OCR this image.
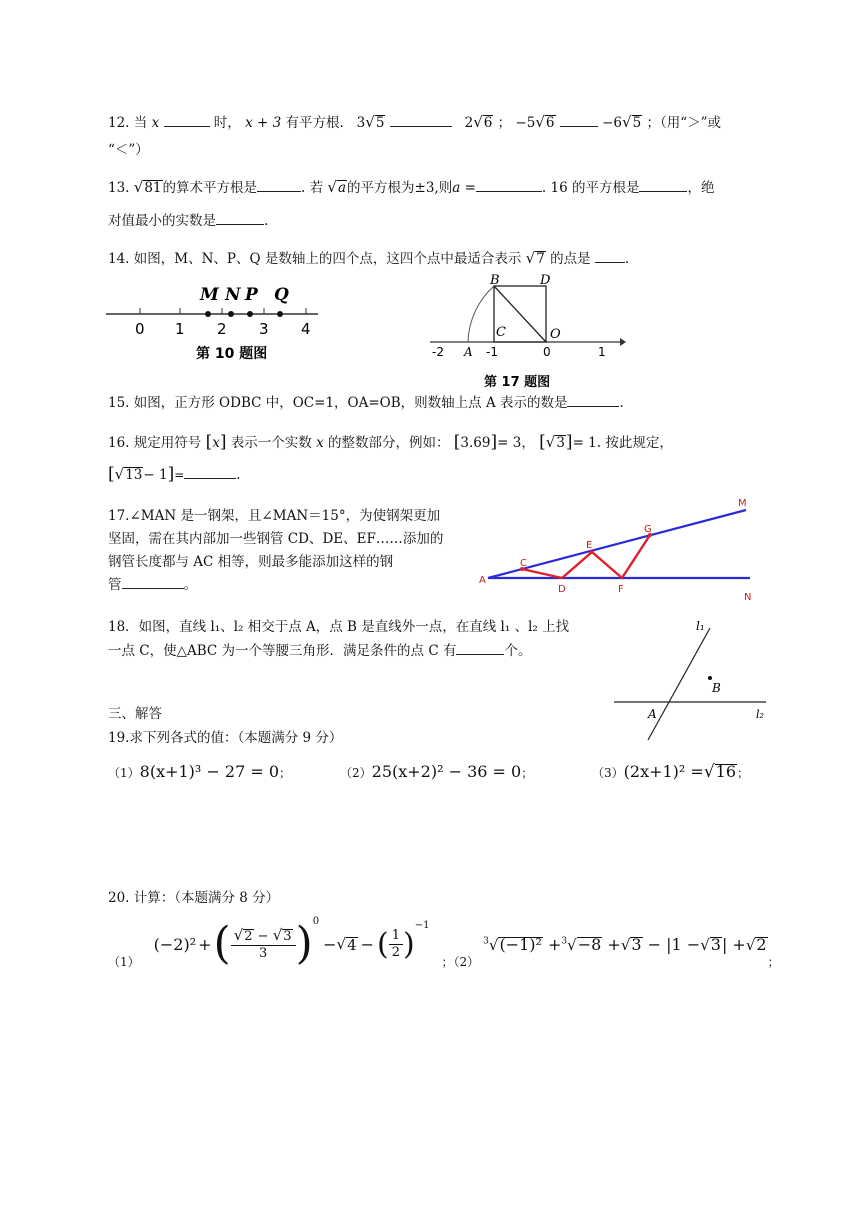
12. 当 x	时， x + 3 有平方根. 3√5	2√6 ； −5√6	−6√5 ；（用“＞”或
“＜”）
13. √81的算术平方根是	. 若 √a的平方根为±3,则a =	. 16 的平方根是	，绝
对值最小的实数是	.
14. 如图，M、N、P、Q 是数轴上的四个点，这四个点中最适合表示 √7 的点是	.
0 1 2 3 4
M N P Q
第 10 题图
B	D
C	O
A
-2	-1	0	1
第 17 题图
15. 如图，正方形 ODBC 中，OC=1，OA=OB，则数轴上点 A 表示的数是	.
16. 规定用符号 [x] 表示一个实数 x 的整数部分，例如： [3.69]= 3， [√3]= 1. 按此规定，
[√13− 1]=	.
17.∠MAN 是一钢架，且∠MAN＝15°，为使钢架更加
坚固，需在其内部加一些钢管 CD、DE、EF……添加的
钢管长度都与 AC 相等，则最多能添加这样的钢
管	。
M
G
E
C
A
D	F
N
18．如图，直线 l₁、l₂ 相交于点 A，点 B 是直线外一点，在直线 l₁ 、l₂ 上找
一点 C，使△ABC 为一个等腰三角形．满足条件的点 C 有	个。
l₁
B
A	l₂
三、解答
19.求下列各式的值：（本题满分 9 分）
（1）8(x+1)³ − 27 = 0；	（2）25(x+2)² − 36 = 0；	（3）(2x+1)² =√16；
20. 计算：（本题满分 8 分）
（1）
(−2)² + ( $\frac{√2 - √3}{3}$ ) 0
− √ 4 − ( $\frac{1}{2}$ )
−1
；（2）
$^3$√(−1)² +$^3$√−8 +√3 − |1 −√3| +√2
；
